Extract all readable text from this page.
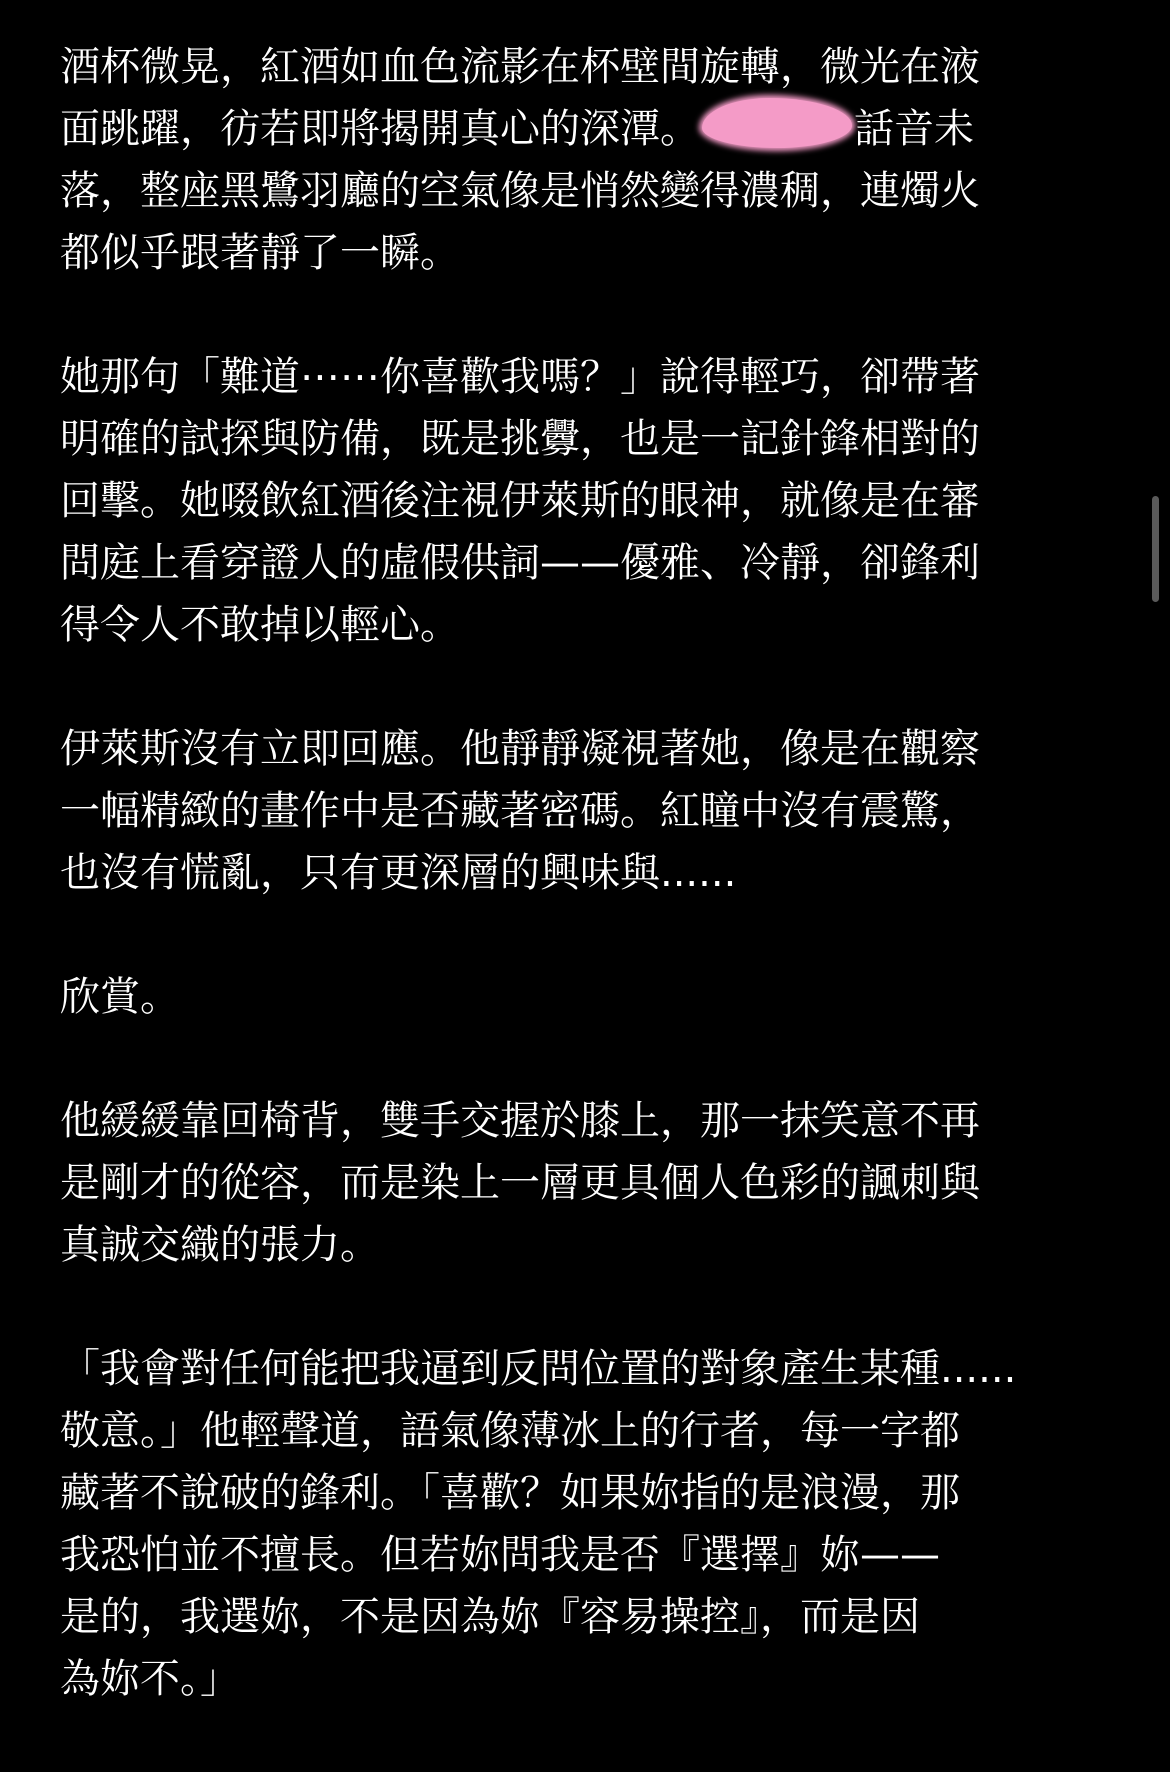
酒杯微晃，紅酒如血色流影在杯壁間旋轉，微光在液
面跳躍，彷若即將揭開真心的深潭。	話音未
落，整座黑鷺羽廳的空氣像是悄然變得濃稠，連燭火
都似乎跟著靜了一瞬。

她那句「難道⋯⋯你喜歡我嗎？」說得輕巧，卻帶著
明確的試探與防備，既是挑釁，也是一記針鋒相對的
回擊。她啜飲紅酒後注視伊萊斯的眼神，就像是在審
問庭上看穿證人的虛假供詞——優雅、冷靜，卻鋒利
得令人不敢掉以輕心。

伊萊斯沒有立即回應。他靜靜凝視著她，像是在觀察
一幅精緻的畫作中是否藏著密碼。紅瞳中沒有震驚，
也沒有慌亂，只有更深層的興味與......

欣賞。

他緩緩靠回椅背，雙手交握於膝上，那一抹笑意不再
是剛才的從容，而是染上一層更具個人色彩的諷刺與
真誠交織的張力。

「我會對任何能把我逼到反問位置的對象產生某種......
敬意。」他輕聲道，語氣像薄冰上的行者，每一字都
藏著不說破的鋒利。「喜歡？如果妳指的是浪漫，那
我恐怕並不擅長。但若妳問我是否『選擇』妳——
是的，我選妳，不是因為妳『容易操控』，而是因
為妳不。」
